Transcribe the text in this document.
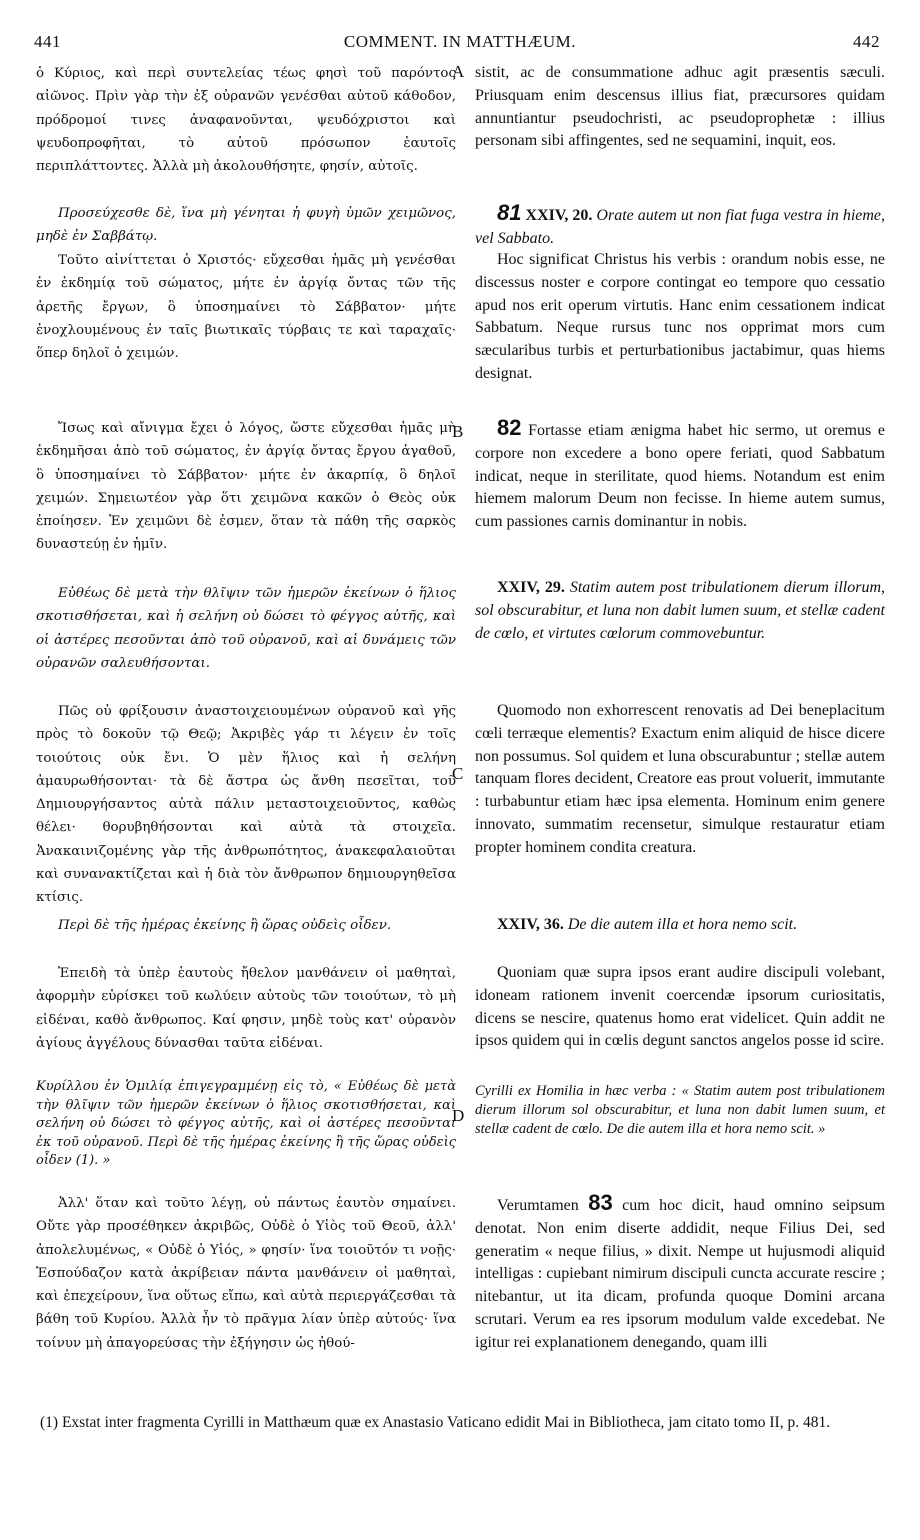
441	COMMENT. IN MATTHÆUM.	442
A
B
C
D

ὁ Κύριος, καὶ περὶ συντελείας τέως φησὶ τοῦ παρόντος αἰῶνος. Πρὶν γὰρ τὴν ἐξ οὐρανῶν γενέσθαι αὐτοῦ κάθοδον, πρόδρομοί τινες ἀναφανοῦνται, ψευδόχριστοι καὶ ψευδοπροφῆται, τὸ αὐτοῦ πρόσωπον ἑαυτοῖς περιπλάττοντες. Ἀλλὰ μὴ ἀκολουθήσητε, φησίν, αὐτοῖς.

Προσεύχεσθε δὲ, ἵνα μὴ γένηται ἡ φυγὴ ὑμῶν χειμῶνος, μηδὲ ἐν Σαββάτῳ.

Τοῦτο αἰνίττεται ὁ Χριστός· εὔχεσθαι ἡμᾶς μὴ γενέσθαι ἐν ἐκδημίᾳ τοῦ σώματος, μήτε ἐν ἀργίᾳ ὄντας τῶν τῆς ἀρετῆς ἔργων, ὃ ὑποσημαίνει τὸ Σάββατον· μήτε ἐνοχλουμένους ἐν ταῖς βιωτικαῖς τύρβαις τε καὶ ταραχαῖς· ὅπερ δηλοῖ ὁ χειμών.

Ἴσως καὶ αἴνιγμα ἔχει ὁ λόγος, ὥστε εὔχεσθαι ἡμᾶς μὴ ἐκδημῆσαι ἀπὸ τοῦ σώματος, ἐν ἀργίᾳ ὄντας ἔργου ἀγαθοῦ, ὃ ὑποσημαίνει τὸ Σάββατον· μήτε ἐν ἀκαρπίᾳ, ὃ δηλοῖ χειμών. Σημειωτέον γὰρ ὅτι χειμῶνα κακῶν ὁ Θεὸς οὐκ ἐποίησεν. Ἐν χειμῶνι δὲ ἐσμεν, ὅταν τὰ πάθη τῆς σαρκὸς δυναστεύῃ ἐν ἡμῖν.

Εὐθέως δὲ μετὰ τὴν θλῖψιν τῶν ἡμερῶν ἐκείνων ὁ ἥλιος σκοτισθήσεται, καὶ ἡ σελήνη οὐ δώσει τὸ φέγγος αὐτῆς, καὶ οἱ ἀστέρες πεσοῦνται ἀπὸ τοῦ οὐρανοῦ, καὶ αἱ δυνάμεις τῶν οὐρανῶν σαλευθήσονται.

Πῶς οὐ φρίξουσιν ἀναστοιχειουμένων οὐρανοῦ καὶ γῆς πρὸς τὸ δοκοῦν τῷ Θεῷ; Ἀκριβὲς γάρ τι λέγειν ἐν τοῖς τοιούτοις οὐκ ἔνι. Ὁ μὲν ἥλιος καὶ ἡ σελήνη ἀμαυρωθήσονται· τὰ δὲ ἄστρα ὡς ἄνθη πεσεῖται, τοῦ Δημιουργήσαντος αὐτὰ πάλιν μεταστοιχειοῦντος, καθὼς θέλει· θορυβηθήσονται καὶ αὐτὰ τὰ στοιχεῖα. Ἀνακαινιζομένης γὰρ τῆς ἀνθρωπότητος, ἀνακεφαλαιοῦται καὶ συνανακτίζεται καὶ ἡ διὰ τὸν ἄνθρωπον δημιουργηθεῖσα κτίσις.

Περὶ δὲ τῆς ἡμέρας ἐκείνης ἢ ὥρας οὐδεὶς οἶδεν.

Ἐπειδὴ τὰ ὑπὲρ ἑαυτοὺς ἤθελον μανθάνειν οἱ μαθηταὶ, ἀφορμὴν εὑρίσκει τοῦ κωλύειν αὐτοὺς τῶν τοιούτων, τὸ μὴ εἰδέναι, καθὸ ἄνθρωπος. Καί φησιν, μηδὲ τοὺς κατ' οὐρανὸν ἁγίους ἀγγέλους δύνασθαι ταῦτα εἰδέναι.

Κυρίλλου ἐν Ὁμιλίᾳ ἐπιγεγραμμένῃ εἰς τὸ, « Εὐθέως δὲ μετὰ τὴν θλῖψιν τῶν ἡμερῶν ἐκείνων ὁ ἥλιος σκοτισθήσεται, καὶ σελήνη οὐ δώσει τὸ φέγγος αὐτῆς, καὶ οἱ ἀστέρες πεσοῦνται ἐκ τοῦ οὐρανοῦ. Περὶ δὲ τῆς ἡμέρας ἐκείνης ἢ τῆς ὥρας οὐδεὶς οἶδεν (1). »

Ἀλλ' ὅταν καὶ τοῦτο λέγῃ, οὐ πάντως ἑαυτὸν σημαίνει. Οὔτε γὰρ προσέθηκεν ἀκριβῶς, Οὐδὲ ὁ Υἱὸς τοῦ Θεοῦ, ἀλλ' ἀπολελυμένως, « Οὐδὲ ὁ Υἱός, » φησίν· ἵνα τοιοῦτόν τι νοῇς· Ἐσπούδαζον κατὰ ἀκρίβειαν πάντα μανθάνειν οἱ μαθηταὶ, καὶ ἐπεχείρουν, ἵνα οὕτως εἴπω, καὶ αὐτὰ περιεργάζεσθαι τὰ βάθη τοῦ Κυρίου. Ἀλλὰ ἦν τὸ πρᾶγμα λίαν ὑπὲρ αὐτούς· ἵνα τοίνυν μὴ ἀπαγορεύσας τὴν ἐξήγησιν ὡς ἠθού-

sistit, ac de consummatione adhuc agit præsentis sæculi. Priusquam enim descensus illius fiat, præcursores quidam annuntiantur pseudochristi, ac pseudoprophetæ : illius personam sibi affingentes, sed ne sequamini, inquit, eos.

81 XXIV, 20. Orate autem ut non fiat fuga vestra in hieme, vel Sabbato.

Hoc significat Christus his verbis : orandum nobis esse, ne discessus noster e corpore contingat eo tempore quo cessatio apud nos erit operum virtutis. Hanc enim cessationem indicat Sabbatum. Neque rursus tunc nos opprimat mors cum sæcularibus turbis et perturbationibus jactabimur, quas hiems designat.

82 Fortasse etiam ænigma habet hic sermo, ut oremus e corpore non excedere a bono opere feriati, quod Sabbatum indicat, neque in sterilitate, quod hiems. Notandum est enim hiemem malorum Deum non fecisse. In hieme autem sumus, cum passiones carnis dominantur in nobis.

XXIV, 29. Statim autem post tribulationem dierum illorum, sol obscurabitur, et luna non dabit lumen suum, et stellæ cadent de cœlo, et virtutes cœlorum commovebuntur.

Quomodo non exhorrescent renovatis ad Dei beneplacitum cœli terræque elementis? Exactum enim aliquid de hisce dicere non possumus. Sol quidem et luna obscurabuntur ; stellæ autem tanquam flores decident, Creatore eas prout voluerit, immutante : turbabuntur etiam hæc ipsa elementa. Hominum enim genere innovato, summatim recensetur, simulque restauratur etiam propter hominem condita creatura.

XXIV, 36. De die autem illa et hora nemo scit.

Quoniam quæ supra ipsos erant audire discipuli volebant, idoneam rationem invenit coercendæ ipsorum curiositatis, dicens se nescire, quatenus homo erat videlicet. Quin addit ne ipsos quidem qui in cœlis degunt sanctos angelos posse id scire.

Cyrilli ex Homilia in hæc verba : « Statim autem post tribulationem dierum illorum sol obscurabitur, et luna non dabit lumen suum, et stellæ cadent de cœlo. De die autem illa et hora nemo scit. »

Verumtamen 83 cum hoc dicit, haud omnino seipsum denotat. Non enim diserte addidit, neque Filius Dei, sed generatim « neque filius, » dixit. Nempe ut hujusmodi aliquid intelligas : cupiebant nimirum discipuli cuncta accurate rescire ; nitebantur, ut ita dicam, profunda quoque Domini arcana scrutari. Verum ea res ipsorum modulum valde excedebat. Ne igitur rei explanationem denegando, quam illi

(1) Exstat inter fragmenta Cyrilli in Matthæum quæ ex Anastasio Vaticano edidit Mai in Bibliotheca, jam citato tomo II, p. 481.
